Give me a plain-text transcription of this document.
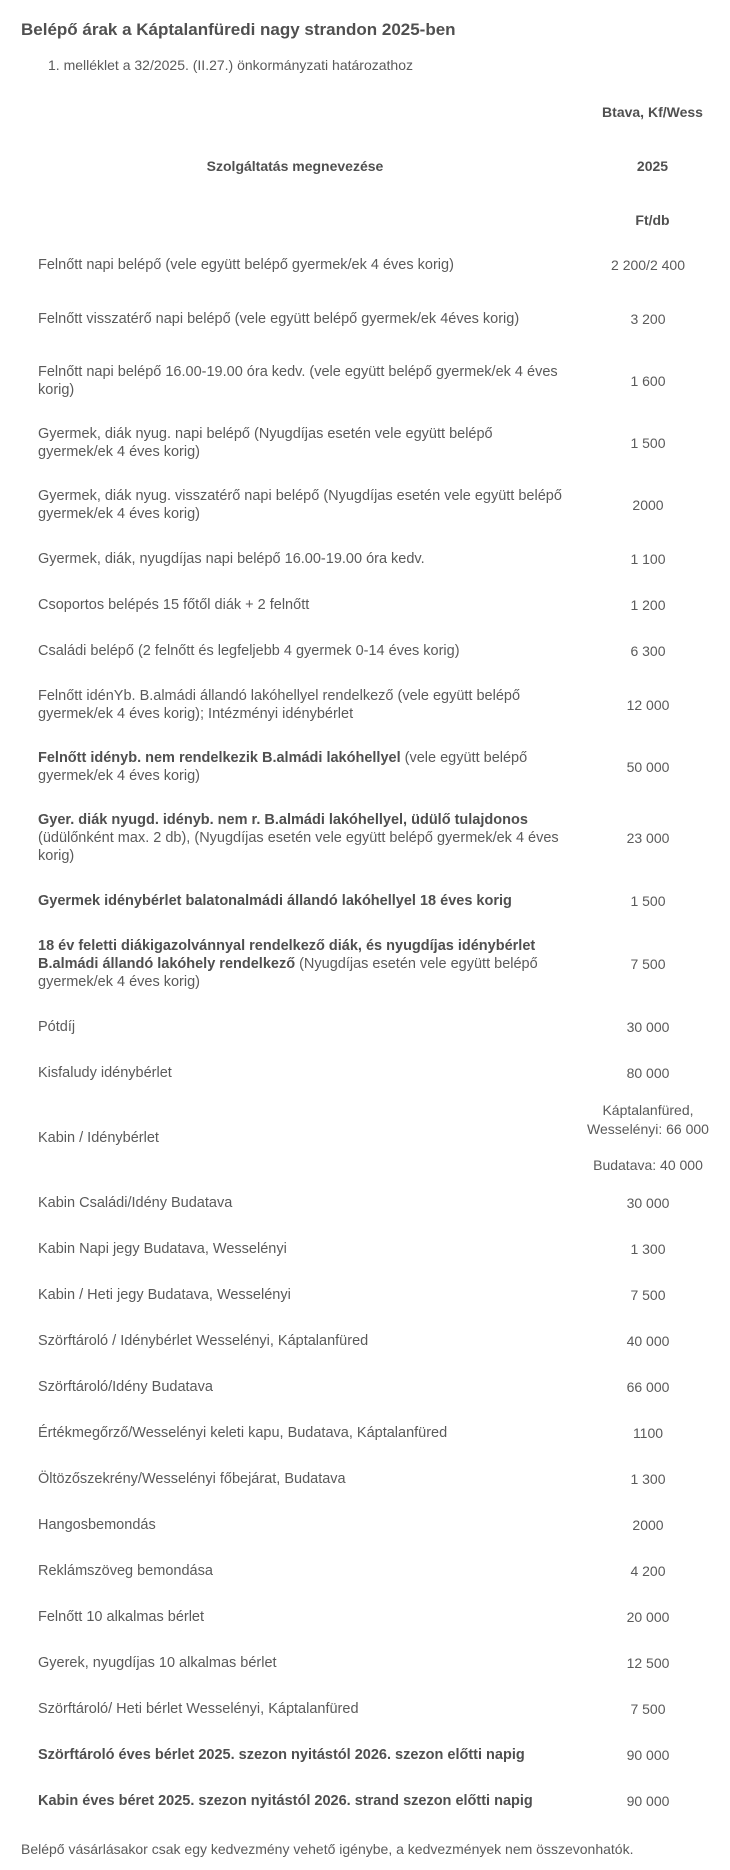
Belépő árak a Káptalanfüredi nagy strandon 2025-ben
1. melléklet a 32/2025. (II.27.) önkormányzati határozathoz
Btava, Kf/Wess
Szolgáltatás megnevezése	2025
Ft/db
Felnőtt napi belépő (vele együtt belépő gyermek/ek 4 éves korig)	2 200/2 400
Felnőtt visszatérő napi belépő (vele együtt belépő gyermek/ek 4éves korig)	3 200
Felnőtt napi belépő 16.00-19.00 óra kedv. (vele együtt belépő gyermek/ek 4 éves korig)	1 600
Gyermek, diák nyug. napi belépő (Nyugdíjas esetén vele együtt belépő gyermek/ek 4 éves korig)	1 500
Gyermek, diák nyug. visszatérő napi belépő (Nyugdíjas esetén vele együtt belépő gyermek/ek 4 éves korig)	2000
Gyermek, diák, nyugdíjas napi belépő 16.00-19.00 óra kedv.	1 100
Csoportos belépés 15 főtől diák + 2 felnőtt	1 200
Családi belépő (2 felnőtt és legfeljebb 4 gyermek 0-14 éves korig)	6 300
Felnőtt idénYb. B.almádi állandó lakóhellyel rendelkező (vele együtt belépő gyermek/ek 4 éves korig); Intézményi idénybérlet	12 000
Felnőtt idényb. nem rendelkezik B.almádi lakóhellyel (vele együtt belépő gyermek/ek 4 éves korig)	50 000
Gyer. diák nyugd. idényb. nem r. B.almádi lakóhellyel, üdülő tulajdonos (üdülőnként max. 2 db), (Nyugdíjas esetén vele együtt belépő gyermek/ek 4 éves korig)	23 000
Gyermek idénybérlet balatonalmádi állandó lakóhellyel 18 éves korig	1 500
18 év feletti diákigazolvánnyal rendelkező diák, és nyugdíjas idénybérlet B.almádi állandó lakóhely rendelkező (Nyugdíjas esetén vele együtt belépő gyermek/ek 4 éves korig)	7 500
Pótdíj	30 000
Kisfaludy idénybérlet	80 000
Kabin / Idénybérlet	Káptalanfüred,
Wesselényi: 66 000
Budatava: 40 000

Kabin Családi/Idény Budatava	30 000
Kabin Napi jegy Budatava, Wesselényi	1 300
Kabin / Heti jegy Budatava, Wesselényi	7 500
Szörftároló / Idénybérlet Wesselényi, Káptalanfüred	40 000
Szörftároló/Idény Budatava	66 000
Értékmegőrző/Wesselényi keleti kapu, Budatava, Káptalanfüred	1100
Öltözőszekrény/Wesselényi főbejárat, Budatava	1 300
Hangosbemondás	2000
Reklámszöveg bemondása	4 200
Felnőtt 10 alkalmas bérlet	20 000
Gyerek, nyugdíjas 10 alkalmas bérlet	12 500
Szörftároló/ Heti bérlet Wesselényi, Káptalanfüred	7 500
Szörftároló éves bérlet 2025. szezon nyitástól 2026. szezon előtti napig	90 000
Kabin éves béret 2025. szezon nyitástól 2026. strand szezon előtti napig	90 000
Belépő vásárlásakor csak egy kedvezmény vehető igénybe, a kedvezmények nem összevonhatók.
